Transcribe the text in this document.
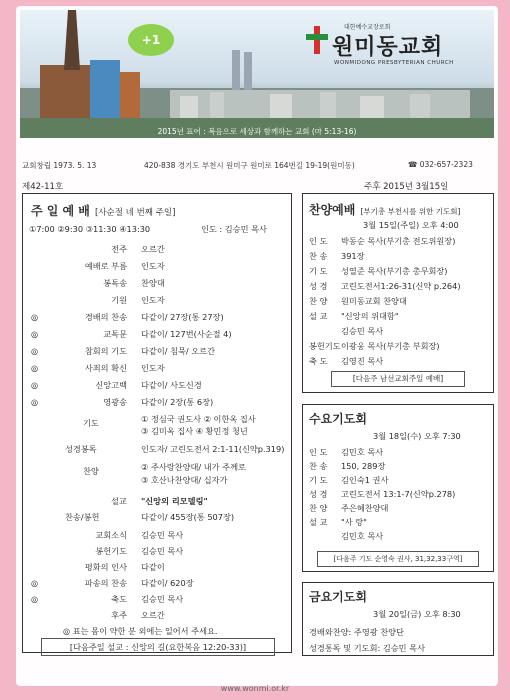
+1
대한예수교장로회
원미동교회
WONMIDONG PRESBYTERIAN CHURCH
2015년 표어 : 복음으로 세상과 함께하는 교회 (마 5:13-16)
교회창립 1973. 5. 13	420-838 경기도 부천시 원미구 원미로 164번길 19-19(원미동)	☎ 032-657-2323
제42-11호	주후 2015년 3월15일
주 일 예 배 [사순절 네 번째 주일]
①7:00 ②9:30 ③11:30 ④13:30	인도 : 김승민 목사
전주 오르간
예배로 부름 인도자
봉독송 찬양대
기원 인도자
◎	경배의 찬송 다같이/ 27장(통 27장)
◎	교독문 다같이/ 127번(사순절 4)
◎	참회의 기도 다같이/ 침묵/ 오르간
◎	사죄의 확신 인도자
◎	신앙고백 다같이/ 사도신경
◎	영광송 다같이/ 2장(통 6장)
기도	① 정심국 권도사 ② 이한옥 집사
③ 김미옥 집사 ④ 황민정 청년
성경봉독	인도자/ 고린도전서 2:1-11(신약p.319)
찬양	② 주사랑찬양대/ 내가 주께로
③ 호산나찬양대/ 십자가
설교 "신앙의 리모델링"
찬송/봉헌	다같이/ 455장(통 507장)
교회소식 김승민 목사
봉헌기도 김승민 목사
평화의 인사 다같이
◎	파송의 찬송 다같이/ 620장
◎	축도 김승민 목사
후주 오르간
◎ 표는 몸이 약한 분 외에는 일어서 주세요.
[다음주일 설교 : 신앙의 길(요한복음 12:20-33)]
찬양예배 [부기총 부천시를 위한 기도회]
3월 15일(주일) 오후 4:00
인 도 박동순 목사(부기총 전도위원장)
찬 송 391장
기 도 성열준 목사(부기총 총무회장)
성 경 고린도전서1:26-31(신약 p.264)
찬 양 원미동교회 찬양대
설 교 "신앙의 위대함"
김승민 목사
봉헌기도 이광웅 목사(부기총 부회장)
축 도 김영진 목사
[다음주 남선교회주일 예배]
수요기도회
3월 18일(수) 오후 7:30
인 도 김민호 목사
찬 송 150, 289장
기 도 김인숙1 권사
성 경 고린도전서 13:1-7(신약p.278)
찬 양 주은혜찬양대
설 교 "사 랑"
김민호 목사
[다음주 기도 순영숙 권사, 31,32,33구역]
금요기도회
3월 20일(금) 오후 8:30
경배와찬양: 주영광 찬양단
성경통독 및 기도회: 김승민 목사
www.wonmi.or.kr
